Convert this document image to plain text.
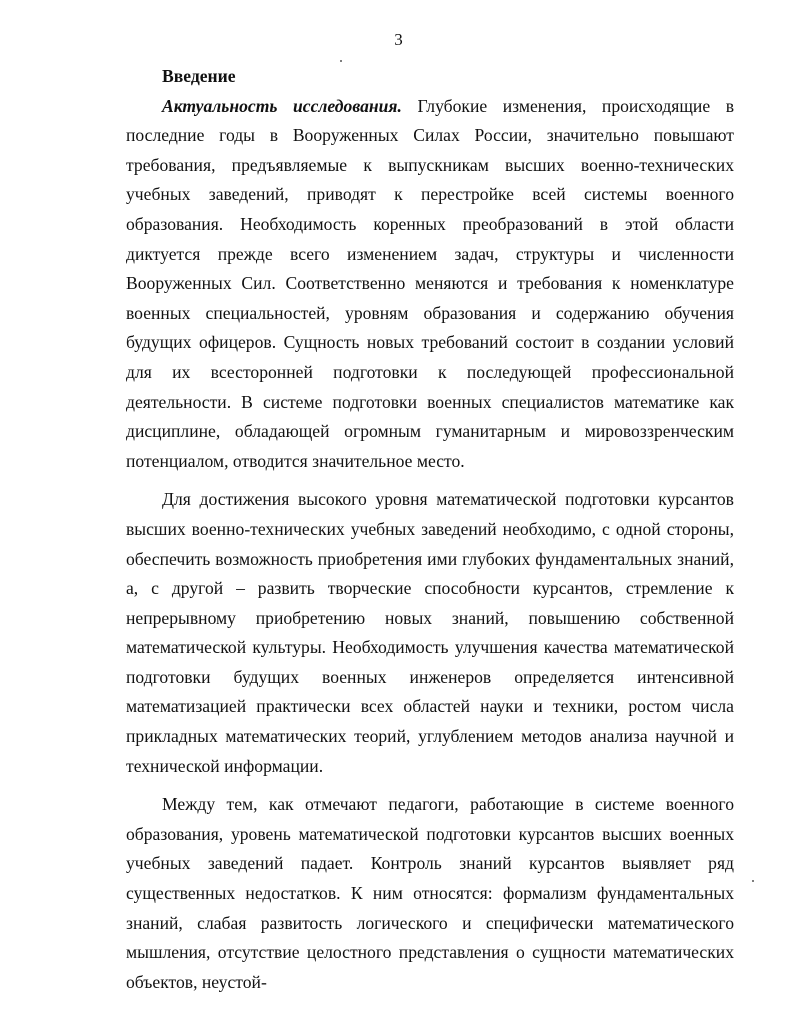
3

Введение

Актуальность исследования. Глубокие изменения, происходящие в последние годы в Вооруженных Силах России, значительно повышают требования, предъявляемые к выпускникам высших военно-технических учебных заведений, приводят к перестройке всей системы военного образования. Необходимость коренных преобразований в этой области диктуется прежде всего изменением задач, структуры и численности Вооруженных Сил. Соответственно меняются и требования к номенклатуре военных специальностей, уровням образования и содержанию обучения будущих офицеров. Сущность новых требований состоит в создании условий для их всесторонней подготовки к последующей профессиональной деятельности. В системе подготовки военных специалистов математике как дисциплине, обладающей огромным гуманитарным и мировоззренческим потенциалом, отводится значительное место.

Для достижения высокого уровня математической подготовки курсантов высших военно-технических учебных заведений необходимо, с одной стороны, обеспечить возможность приобретения ими глубоких фундаментальных знаний, а, с другой – развить творческие способности курсантов, стремление к непрерывному приобретению новых знаний, повышению собственной математической культуры. Необходимость улучшения качества математической подготовки будущих военных инженеров определяется интенсивной математизацией практически всех областей науки и техники, ростом числа прикладных математических теорий, углублением методов анализа научной и технической информации.

Между тем, как отмечают педагоги, работающие в системе военного образования, уровень математической подготовки курсантов высших военных учебных заведений падает. Контроль знаний курсантов выявляет ряд существенных недостатков. К ним относятся: формализм фундаментальных знаний, слабая развитость логического и специфически математического мышления, отсутствие целостного представления о сущности математических объектов, неустой-
